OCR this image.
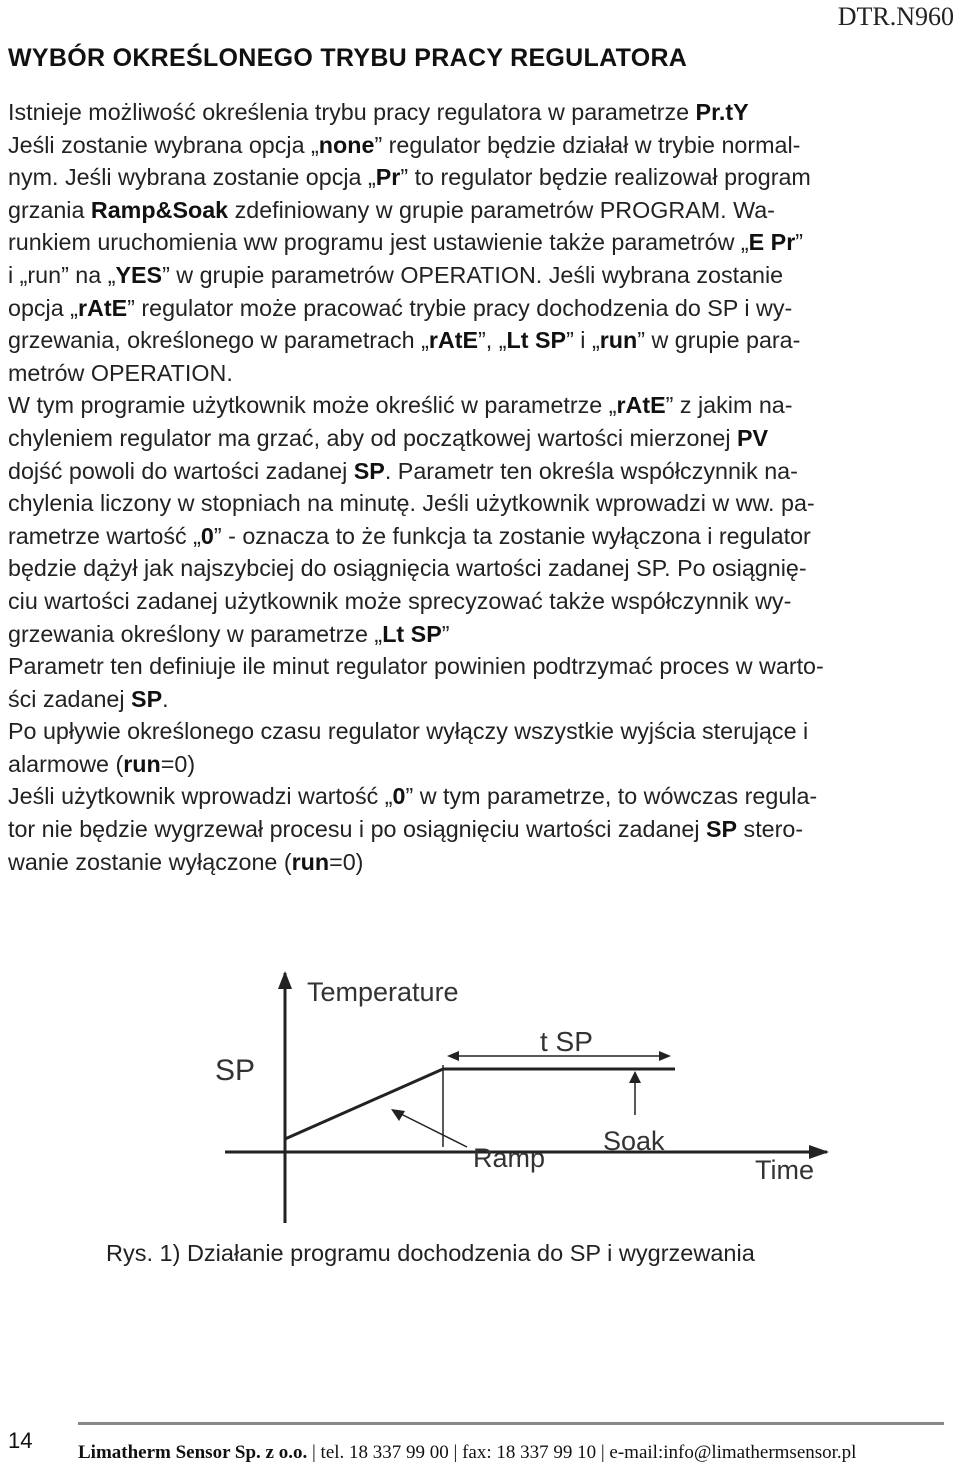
DTR.N960
WYBÓR OKREŚLONEGO TRYBU PRACY REGULATORA
Istnieje możliwość określenia trybu pracy regulatora w parametrze Pr.tY
Jeśli zostanie wybrana opcja „none” regulator będzie działał w trybie normal-
nym. Jeśli wybrana zostanie opcja „Pr” to regulator będzie realizował program
grzania Ramp&Soak zdefiniowany w grupie parametrów PROGRAM. Wa-
runkiem uruchomienia ww programu jest ustawienie także parametrów „E Pr”
i „run” na „YES” w grupie parametrów OPERATION. Jeśli wybrana zostanie
opcja „rAtE” regulator może pracować trybie pracy dochodzenia do SP i wy-
grzewania, określonego w parametrach „rAtE”, „Lt SP” i „run” w grupie para-
metrów OPERATION.
W tym programie użytkownik może określić w parametrze „rAtE” z jakim na-
chyleniem regulator ma grzać, aby od początkowej wartości mierzonej PV
dojść powoli do wartości zadanej SP. Parametr ten określa współczynnik na-
chylenia liczony w stopniach na minutę. Jeśli użytkownik wprowadzi w ww. pa-
rametrze wartość „0” - oznacza to że funkcja ta zostanie wyłączona i regulator
będzie dążył jak najszybciej do osiągnięcia wartości zadanej SP. Po osiągnię-
ciu wartości zadanej użytkownik może sprecyzować także współczynnik wy-
grzewania określony w parametrze „Lt SP”
Parametr ten definiuje ile minut regulator powinien podtrzymać proces w warto-
ści zadanej SP.
Po upływie określonego czasu regulator wyłączy wszystkie wyjścia sterujące i
alarmowe (run=0)
Jeśli użytkownik wprowadzi wartość „0” w tym parametrze, to wówczas regula-
tor nie będzie wygrzewał procesu i po osiągnięciu wartości zadanej SP stero-
wanie zostanie wyłączone (run=0)
Temperature
SP
t SP
Ramp
Soak
Time
Rys. 1) Działanie programu dochodzenia do SP i wygrzewania
14 Limatherm Sensor Sp. z o.o. | tel. 18 337 99 00 | fax: 18 337 99 10 | e-mail:info@limathermsensor.pl
